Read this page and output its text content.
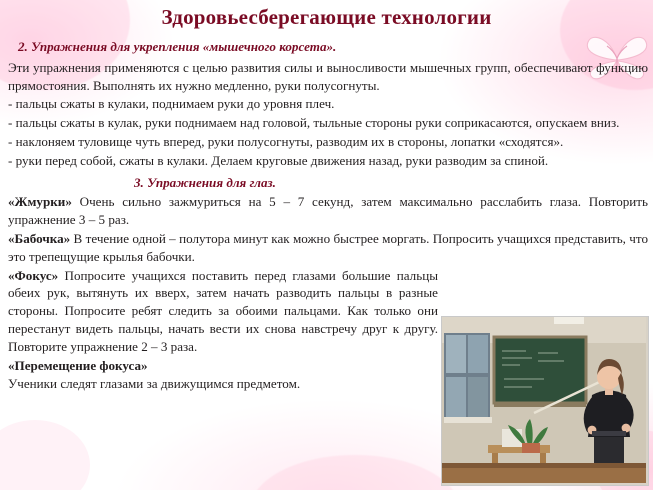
Здоровьесберегающие технологии
2. Упражнения для укрепления «мышечного корсета».

Эти упражнения применяются с целью развития силы и выносливости мышечных групп, обеспечивают функцию прямостояния. Выполнять их нужно медленно, руки полусогнуты.

- пальцы сжаты в кулаки, поднимаем руки до уровня плеч.

- пальцы сжаты в кулак, руки поднимаем над головой, тыльные стороны руки соприкасаются, опускаем вниз.

- наклоняем туловище чуть вперед, руки полусогнуты, разводим их в стороны, лопатки «сходятся».

- руки перед собой, сжаты в кулаки. Делаем круговые движения назад, руки разводим за спиной.

3. Упражнения для глаз.

«Жмурки» Очень сильно зажмуриться на 5 – 7 секунд, затем максимально расслабить глаза. Повторить упражнение 3 – 5 раз.

«Бабочка» В течение одной – полутора минут как можно быстрее моргать. Попросить учащихся представить, что это трепещущие крылья бабочки.

«Фокус» Попросите учащихся поставить перед глазами большие пальцы обеих рук, вытянуть их вверх, затем начать разводить пальцы в разные стороны. Попросите ребят следить за обоими пальцами. Как только они перестанут видеть пальцы, начать вести их снова навстречу друг к другу. Повторите упражнение 2 – 3 раза.

«Перемещение фокуса»

Ученики следят глазами за движущимся предметом.
